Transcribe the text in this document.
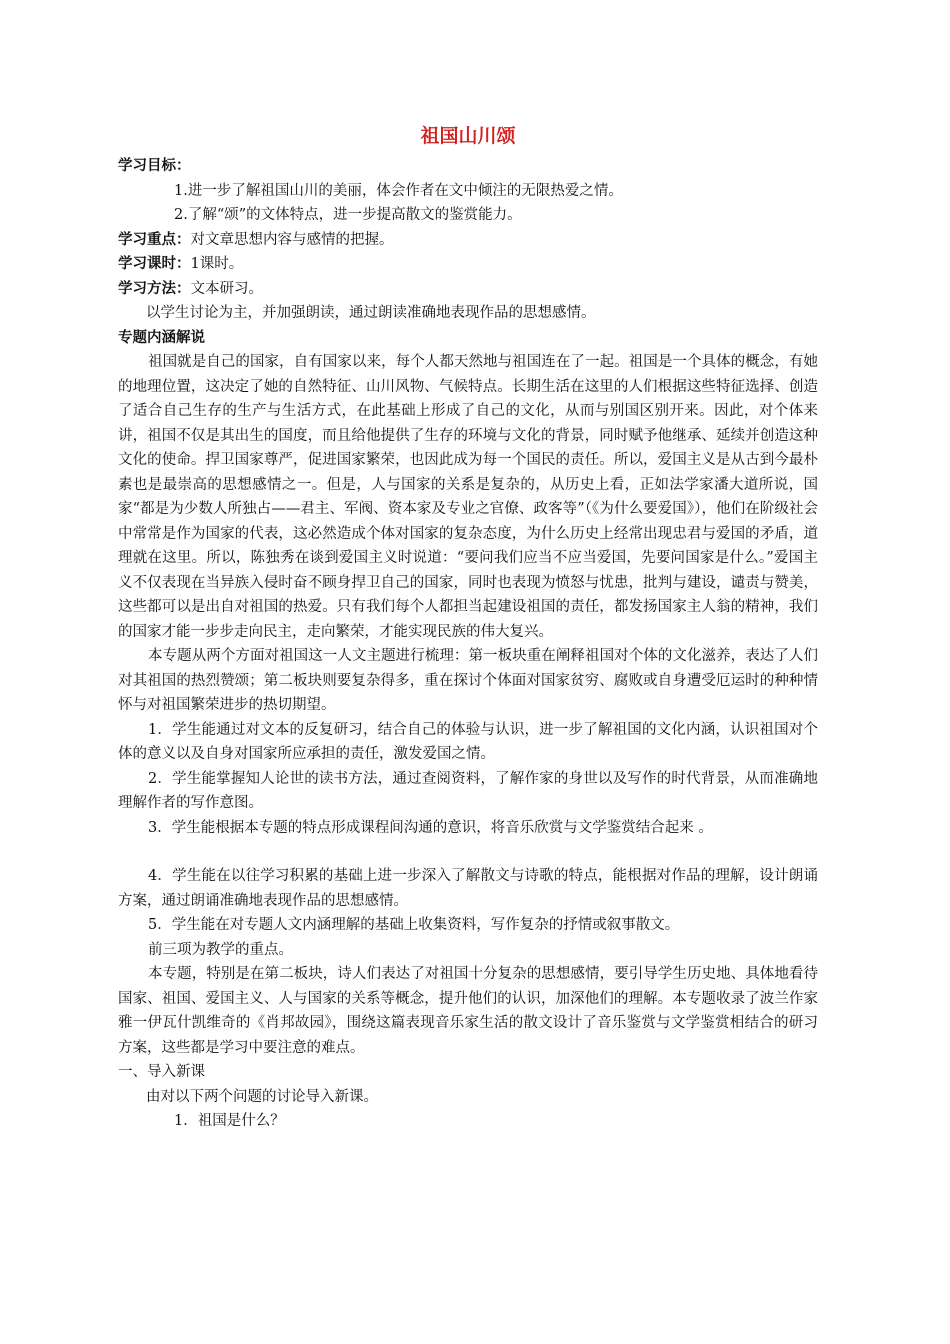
祖国山川颂

学习目标：

1.进一步了解祖国山川的美丽，体会作者在文中倾注的无限热爱之情。

2.了解“颂”的文体特点，进一步提高散文的鉴赏能力。

学习重点：对文章思想内容与感情的把握。

学习课时：1课时。

学习方法：文本研习。

以学生讨论为主，并加强朗读，通过朗读准确地表现作品的思想感情。

专题内涵解说

祖国就是自己的国家，自有国家以来，每个人都天然地与祖国连在了一起。祖国是一个具体的概念，有她的地理位置，这决定了她的自然特征、山川风物、气候特点。长期生活在这里的人们根据这些特征选择、创造了适合自己生存的生产与生活方式，在此基础上形成了自己的文化，从而与别国区别开来。因此，对个体来讲，祖国不仅是其出生的国度，而且给他提供了生存的环境与文化的背景，同时赋予他继承、延续并创造这种文化的使命。捍卫国家尊严，促进国家繁荣，也因此成为每一个国民的责任。所以，爱国主义是从古到今最朴素也是最崇高的思想感情之一。但是，人与国家的关系是复杂的，从历史上看，正如法学家潘大道所说，国家“都是为少数人所独占——君主、军阀、资本家及专业之官僚、政客等”（《为什么要爱国》），他们在阶级社会中常常是作为国家的代表，这必然造成个体对国家的复杂态度，为什么历史上经常出现忠君与爱国的矛盾，道理就在这里。所以，陈独秀在谈到爱国主义时说道：“要问我们应当不应当爱国，先要问国家是什么。”爱国主义不仅表现在当异族入侵时奋不顾身捍卫自己的国家，同时也表现为愤怒与忧患，批判与建设，谴责与赞美，这些都可以是出自对祖国的热爱。只有我们每个人都担当起建设祖国的责任，都发扬国家主人翁的精神，我们的国家才能一步步走向民主，走向繁荣，才能实现民族的伟大复兴。

本专题从两个方面对祖国这一人文主题进行梳理：第一板块重在阐释祖国对个体的文化滋养，表达了人们对其祖国的热烈赞颂；第二板块则要复杂得多，重在探讨个体面对国家贫穷、腐败或自身遭受厄运时的种种情怀与对祖国繁荣进步的热切期望。

1．学生能通过对文本的反复研习，结合自己的体验与认识，进一步了解祖国的文化内涵，认识祖国对个体的意义以及自身对国家所应承担的责任，激发爱国之情。

2．学生能掌握知人论世的读书方法，通过查阅资料，了解作家的身世以及写作的时代背景，从而准确地理解作者的写作意图。

3．学生能根据本专题的特点形成课程间沟通的意识，将音乐欣赏与文学鉴赏结合起来 。

4．学生能在以往学习积累的基础上进一步深入了解散文与诗歌的特点，能根据对作品的理解，设计朗诵方案，通过朗诵准确地表现作品的思想感情。

5．学生能在对专题人文内涵理解的基础上收集资料，写作复杂的抒情或叙事散文。

前三项为教学的重点。

本专题，特别是在第二板块，诗人们表达了对祖国十分复杂的思想感情，要引导学生历史地、具体地看待国家、祖国、爱国主义、人与国家的关系等概念，提升他们的认识，加深他们的理解。本专题收录了波兰作家雅一伊瓦什凯维奇的《肖邦故园》，围绕这篇表现音乐家生活的散文设计了音乐鉴赏与文学鉴赏相结合的研习方案，这些都是学习中要注意的难点。

一、导入新课

由对以下两个问题的讨论导入新课。

1．祖国是什么？
